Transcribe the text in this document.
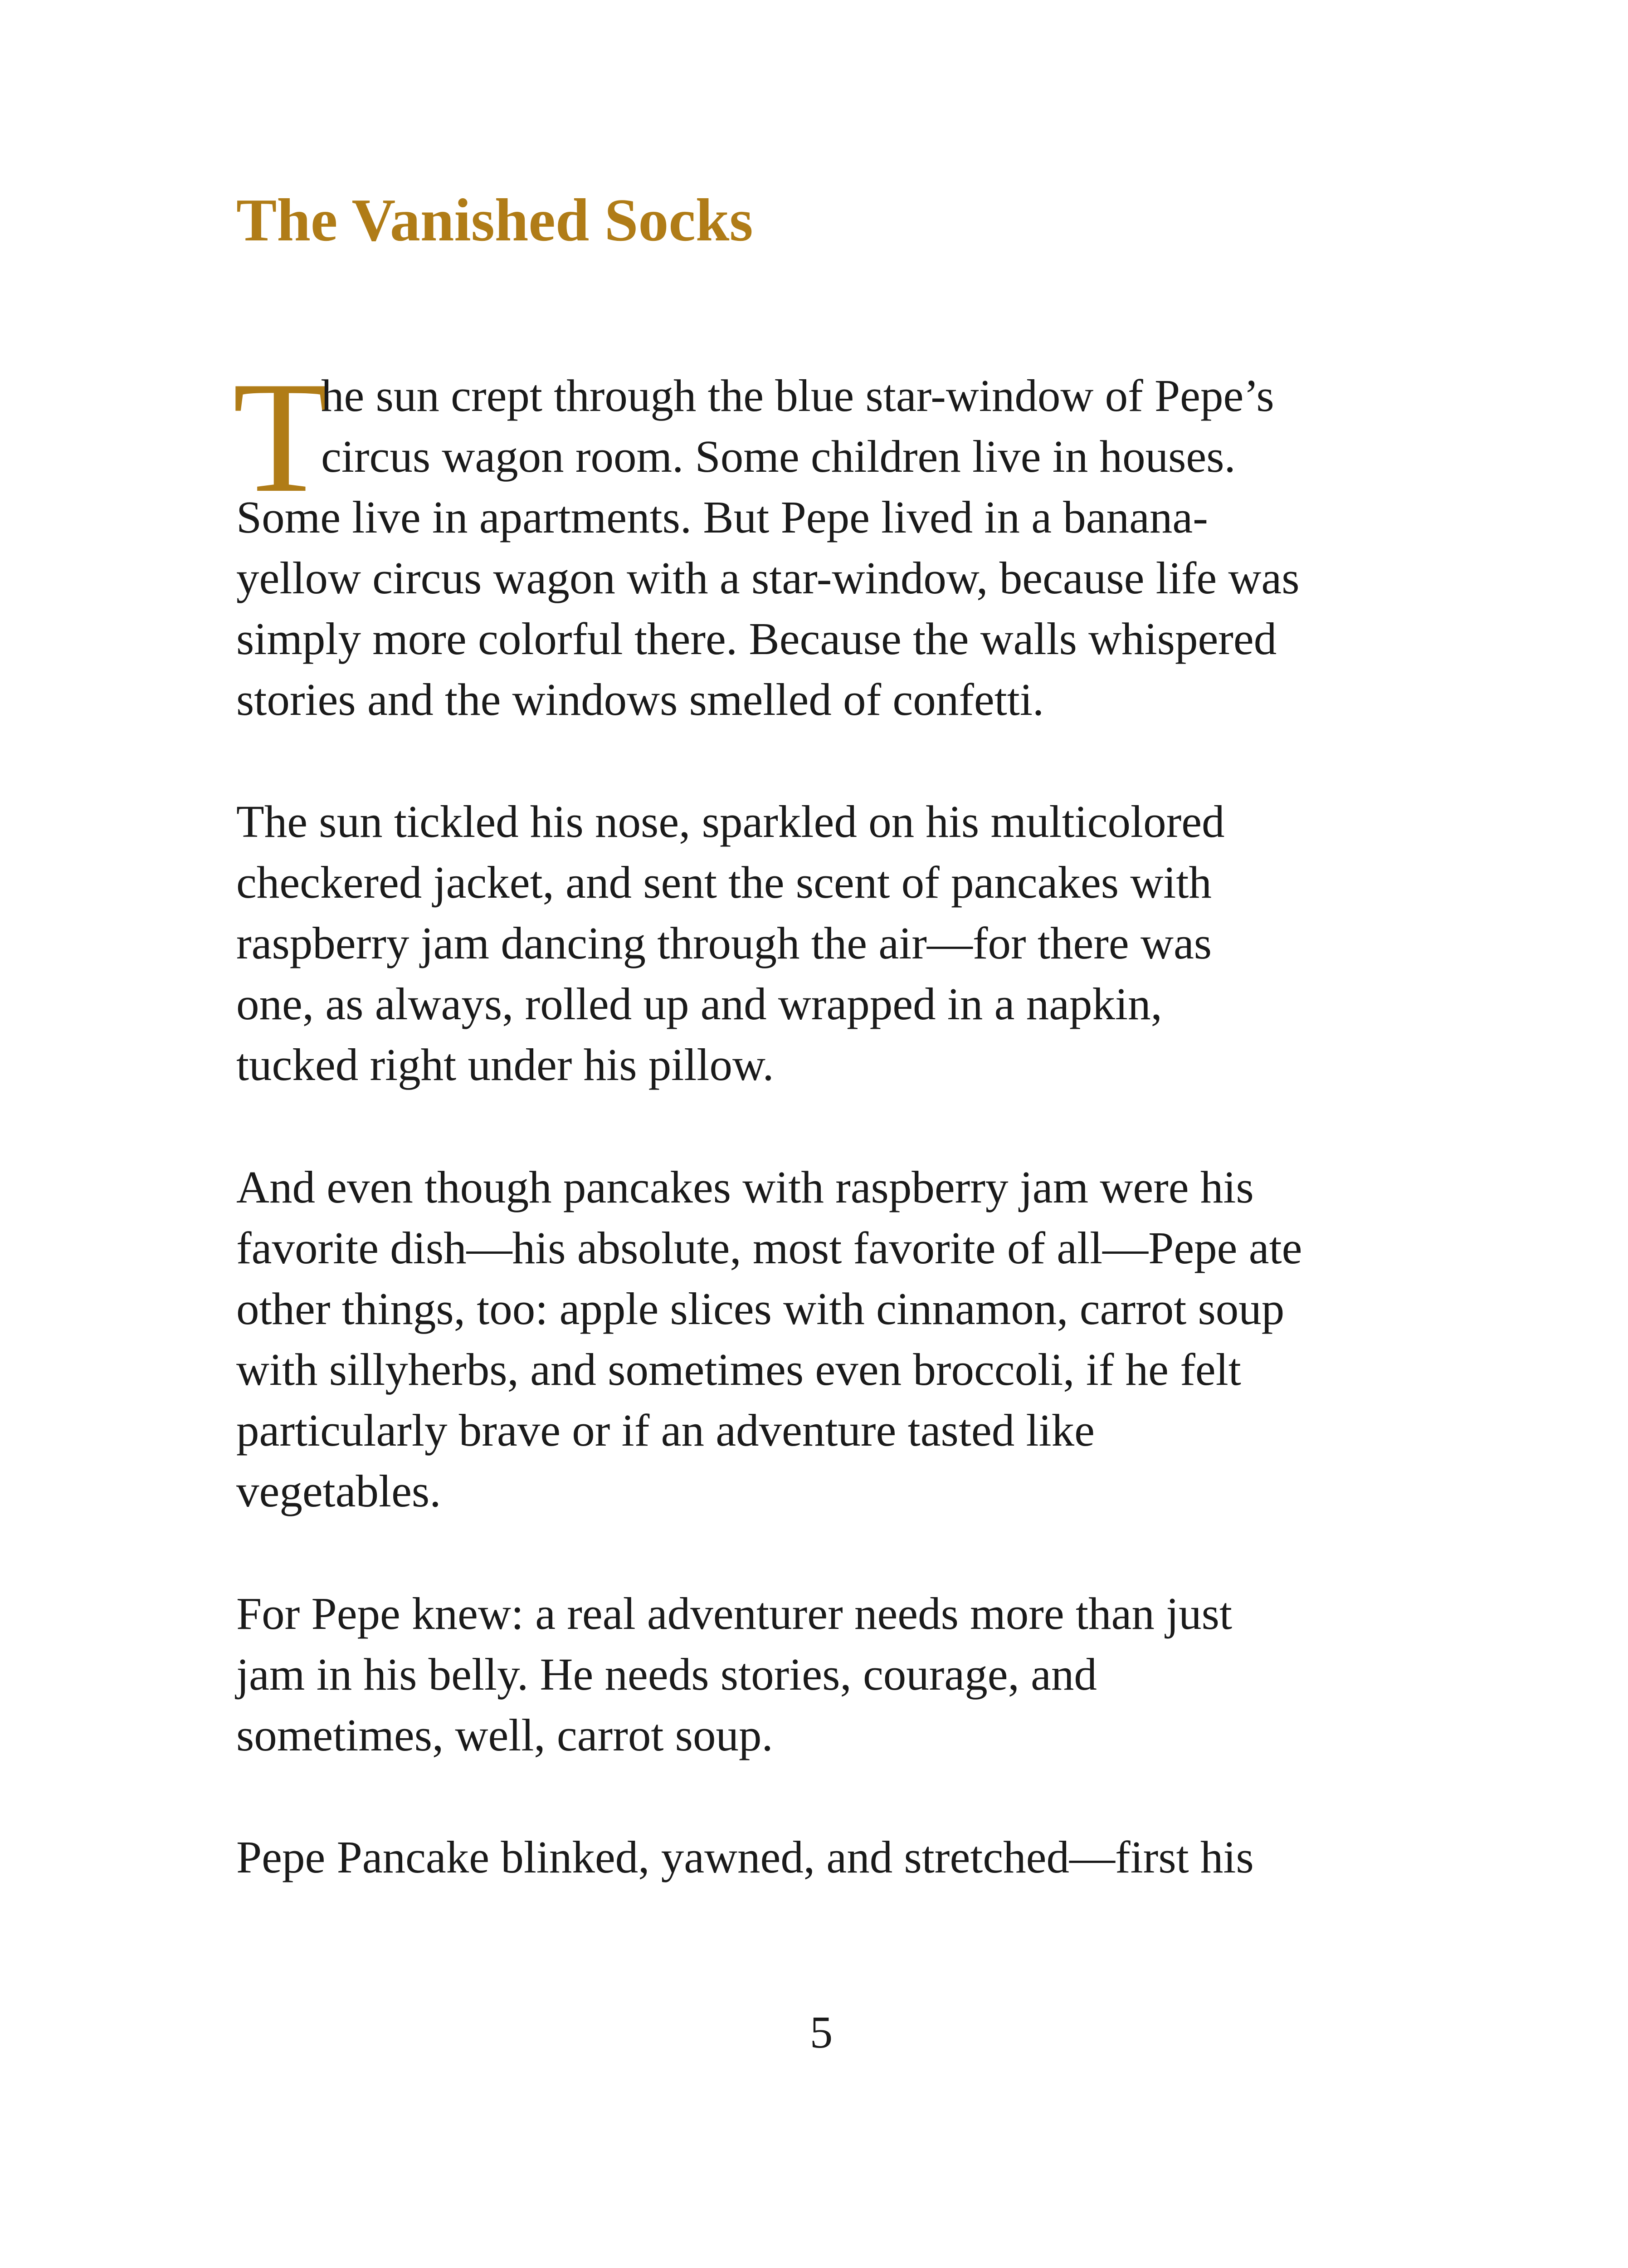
The Vanished Socks
T

he sun crept through the blue star-window of Pepe’s
circus wagon room. Some children live in houses.
Some live in apartments. But Pepe lived in a banana-
yellow circus wagon with a star-window, because life was
simply more colorful there. Because the walls whispered
stories and the windows smelled of confetti.

The sun tickled his nose, sparkled on his multicolored
checkered jacket, and sent the scent of pancakes with
raspberry jam dancing through the air—for there was
one, as always, rolled up and wrapped in a napkin,
tucked right under his pillow.

And even though pancakes with raspberry jam were his
favorite dish—his absolute, most favorite of all—Pepe ate
other things, too: apple slices with cinnamon, carrot soup
with sillyherbs, and sometimes even broccoli, if he felt
particularly brave or if an adventure tasted like
vegetables.

For Pepe knew: a real adventurer needs more than just
jam in his belly. He needs stories, courage, and
sometimes, well, carrot soup.

Pepe Pancake blinked, yawned, and stretched—first his

5
